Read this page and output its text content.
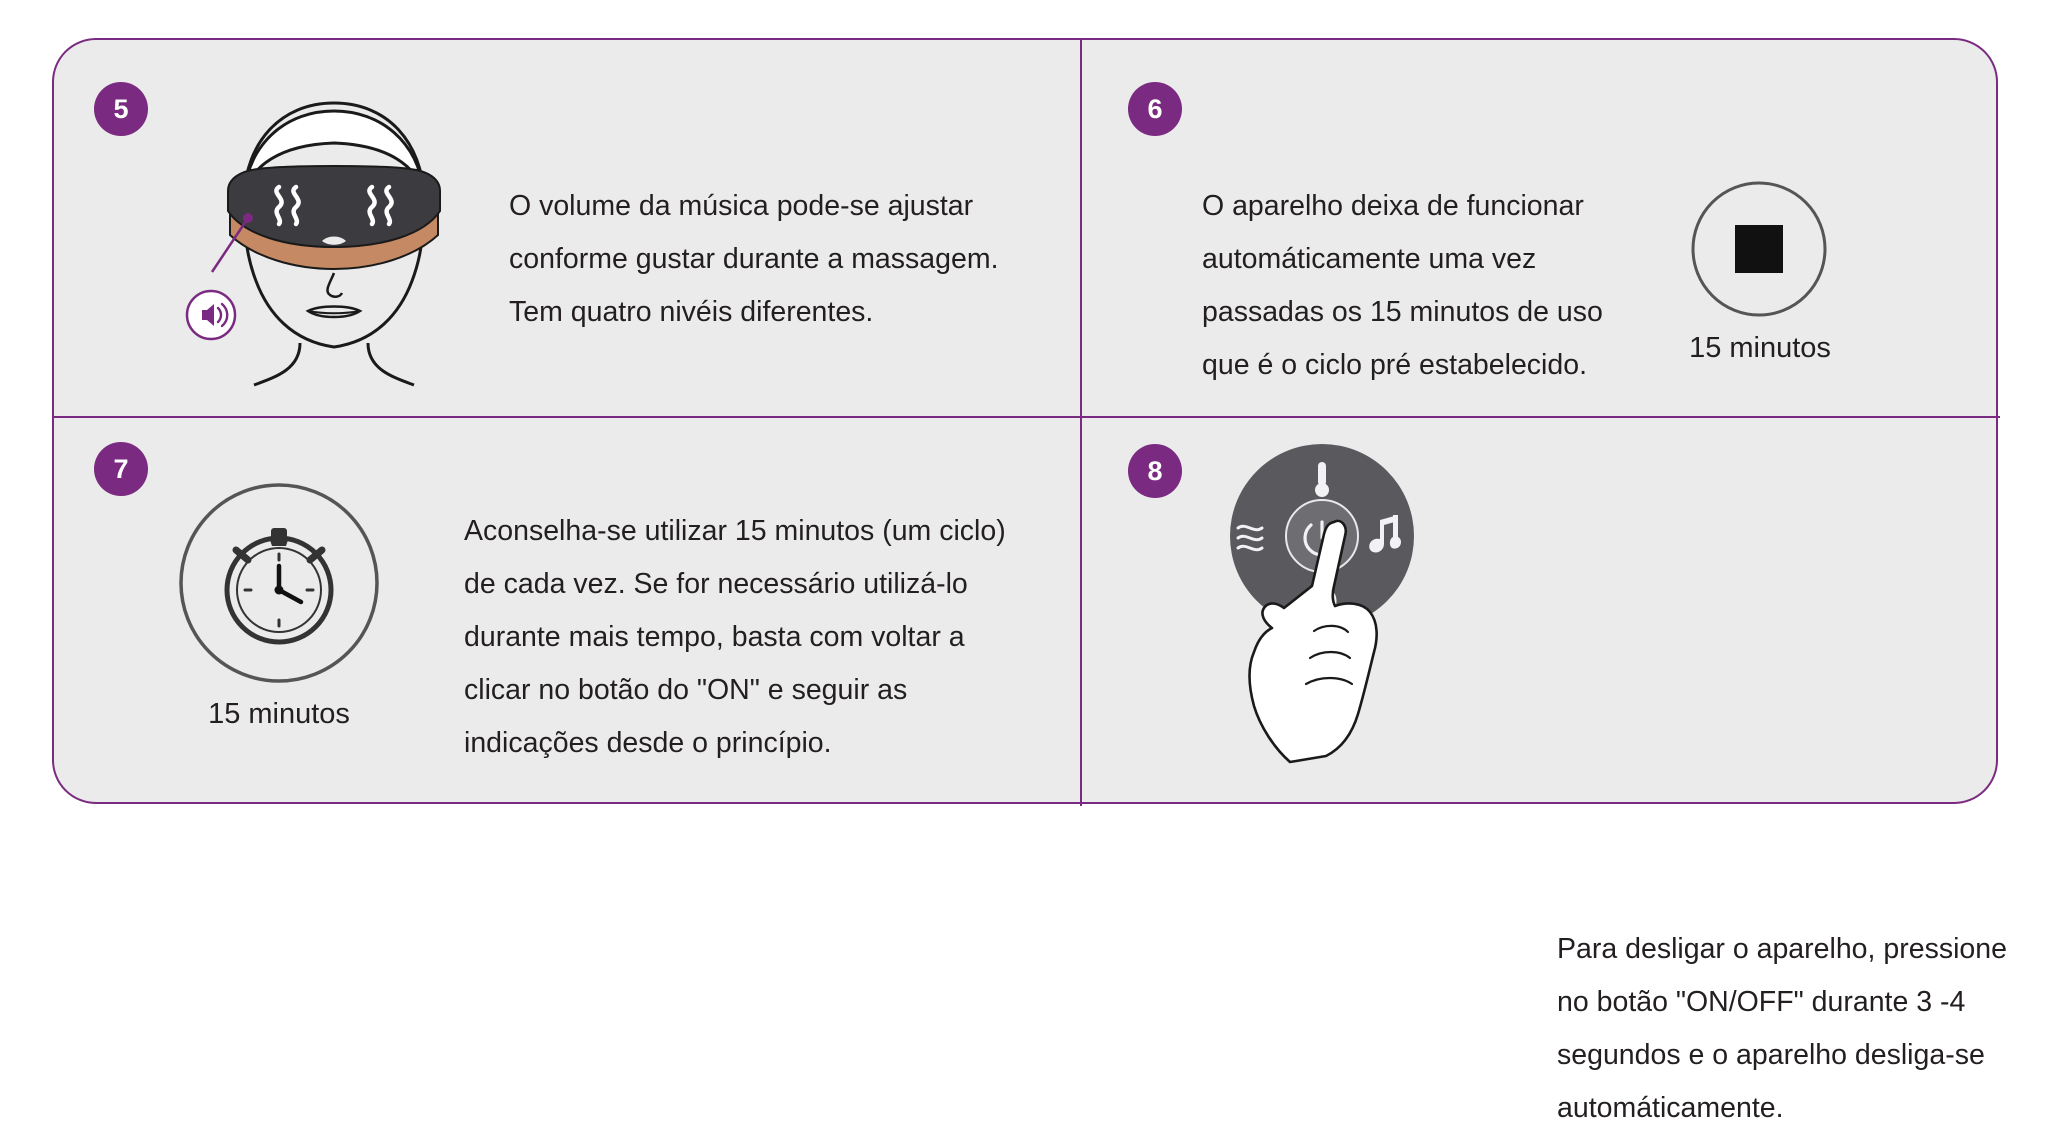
5
O volume da música pode-se ajustar conforme gustar durante a massagem. Tem quatro nivéis diferentes.
6
O aparelho deixa de funcionar automáticamente uma vez passadas os 15 minutos de uso que é o ciclo pré estabelecido.
15 minutos
7
15 minutos
Aconselha-se utilizar 15 minutos (um ciclo) de cada vez. Se for necessário utilizá-lo durante mais tempo, basta com voltar a clicar no botão do "ON" e seguir as indicações desde o princípio.
8
Para desligar o aparelho, pressione no botão "ON/OFF" durante 3 -4 segundos e o aparelho desliga-se automáticamente.
